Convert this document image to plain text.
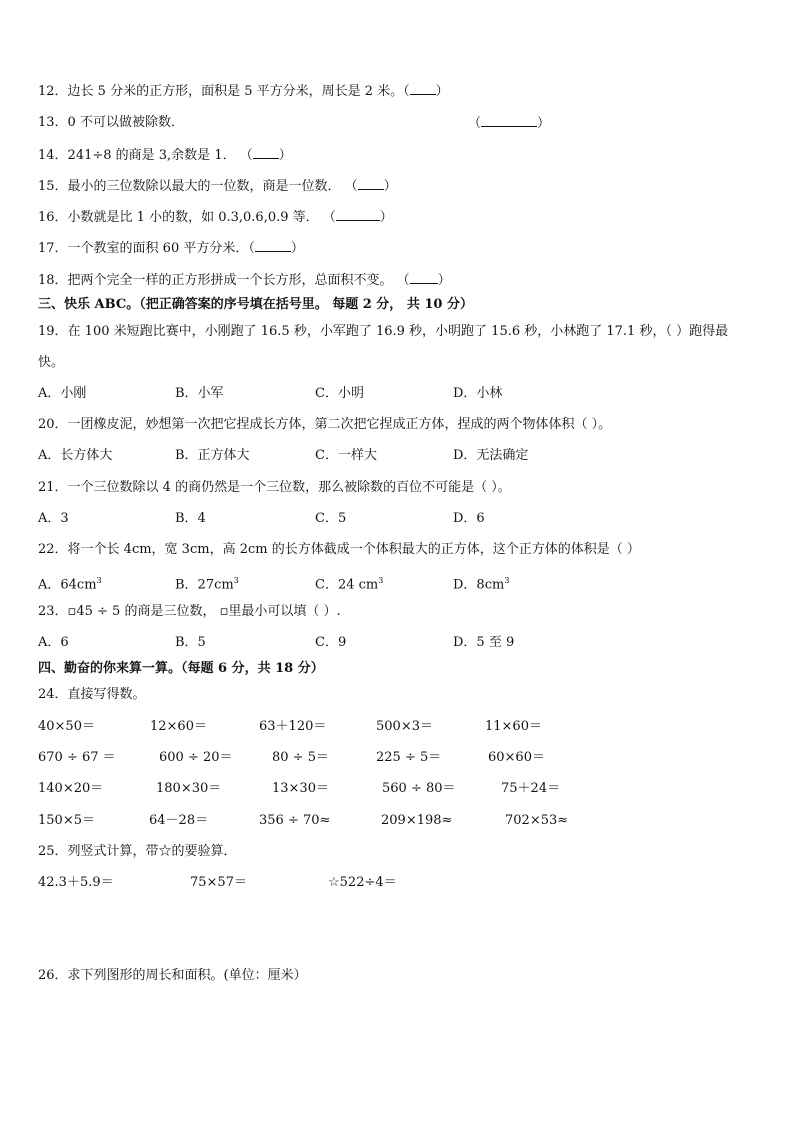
12．边长 5 分米的正方形，面积是 5 平方分米，周长是 2 米。（ ）
13．0 不可以做被除数．	（	）
14．241÷8 的商是 3,余数是 1． （ ）
15．最小的三位数除以最大的一位数，商是一位数． （ ）
16．小数就是比 1 小的数，如 0.3,0.6,0.9 等． （	）
17．一个教室的面积 60 平方分米．（	）
18．把两个完全一样的正方形拼成一个长方形，总面积不变。 （ ）
三、快乐 ABC。（把正确答案的序号填在括号里。 每题 2 分， 共 10 分）
19．在 100 米短跑比赛中，小刚跑了 16.5 秒，小军跑了 16.9 秒，小明跑了 15.6 秒，小林跑了 17.1 秒，（ ）跑得最
快。
A．小刚	B．小军	C．小明	D．小林
20．一团橡皮泥，妙想第一次把它捏成长方体，第二次把它捏成正方体，捏成的两个物体体积（ ）。
A．长方体大	B．正方体大	C．一样大	D．无法确定
21．一个三位数除以 4 的商仍然是一个三位数，那么被除数的百位不可能是（ ）。
A．3	B．4	C．5	D．6
22．将一个长 4cm，宽 3cm，高 2cm 的长方体截成一个体积最大的正方体，这个正方体的体积是（ ）
A．$64cm^3$	B．$27cm^3$	C．24 $cm^3$	D．$8cm^3$
23．▫45 ÷ 5 的商是三位数， ▫里最小可以填（ ）.
A．6	B．5	C．9	D．5 至 9
四、勤奋的你来算一算。（每题 6 分，共 18 分）
24．直接写得数。
40×50＝	12×60＝	63＋120＝	500×3＝	11×60＝
670 ÷ 67 ＝	600 ÷ 20＝	80 ÷ 5＝	225 ÷ 5＝	60×60＝
140×20＝	180×30＝	13×30＝	560 ÷ 80＝	75＋24＝
150×5＝	64－28＝	356 ÷ 70≈	209×198≈	702×53≈
25．列竖式计算，带☆的要验算．
42.3＋5.9＝	75×57＝	☆522÷4＝
26．求下列图形的周长和面积。(单位：厘米）
